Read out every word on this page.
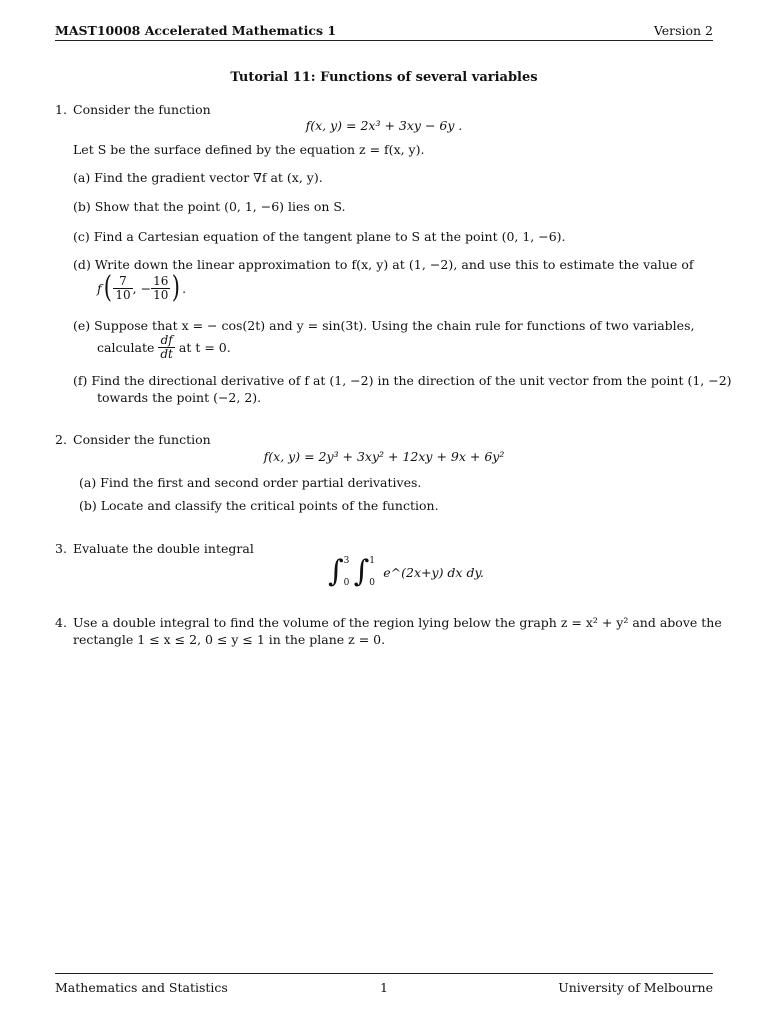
MAST10008 Accelerated Mathematics 1	Version 2
Tutorial 11: Functions of several variables
1. Consider the function
f(x, y) = 2x³ + 3xy − 6y .
Let S be the surface defined by the equation z = f(x, y).
(a) Find the gradient vector ∇f at (x, y).
(b) Show that the point (0, 1, −6) lies on S.
(c) Find a Cartesian equation of the tangent plane to S at the point (0, 1, −6).
(d) Write down the linear approximation to f(x, y) at (1, −2), and use this to estimate the value of
f ( $\frac{7}{10}$ , − $\frac{16}{10}$ ) .
(e) Suppose that x = − cos(2t) and y = sin(3t). Using the chain rule for functions of two variables,
calculate $\frac{df}{dt}$ at t = 0.
(f) Find the directional derivative of f at (1, −2) in the direction of the unit vector from the point (1, −2)
towards the point (−2, 2).
2. Consider the function
f(x, y) = 2y³ + 3xy² + 12xy + 9x + 6y²
(a) Find the first and second order partial derivatives.
(b) Locate and classify the critical points of the function.
3. Evaluate the double integral
∫ 3
0 ∫ 1
0
e^(2x+y) dx dy.
4. Use a double integral to find the volume of the region lying below the graph z = x² + y² and above the
rectangle 1 ≤ x ≤ 2, 0 ≤ y ≤ 1 in the plane z = 0.
Mathematics and Statistics	1	University of Melbourne
